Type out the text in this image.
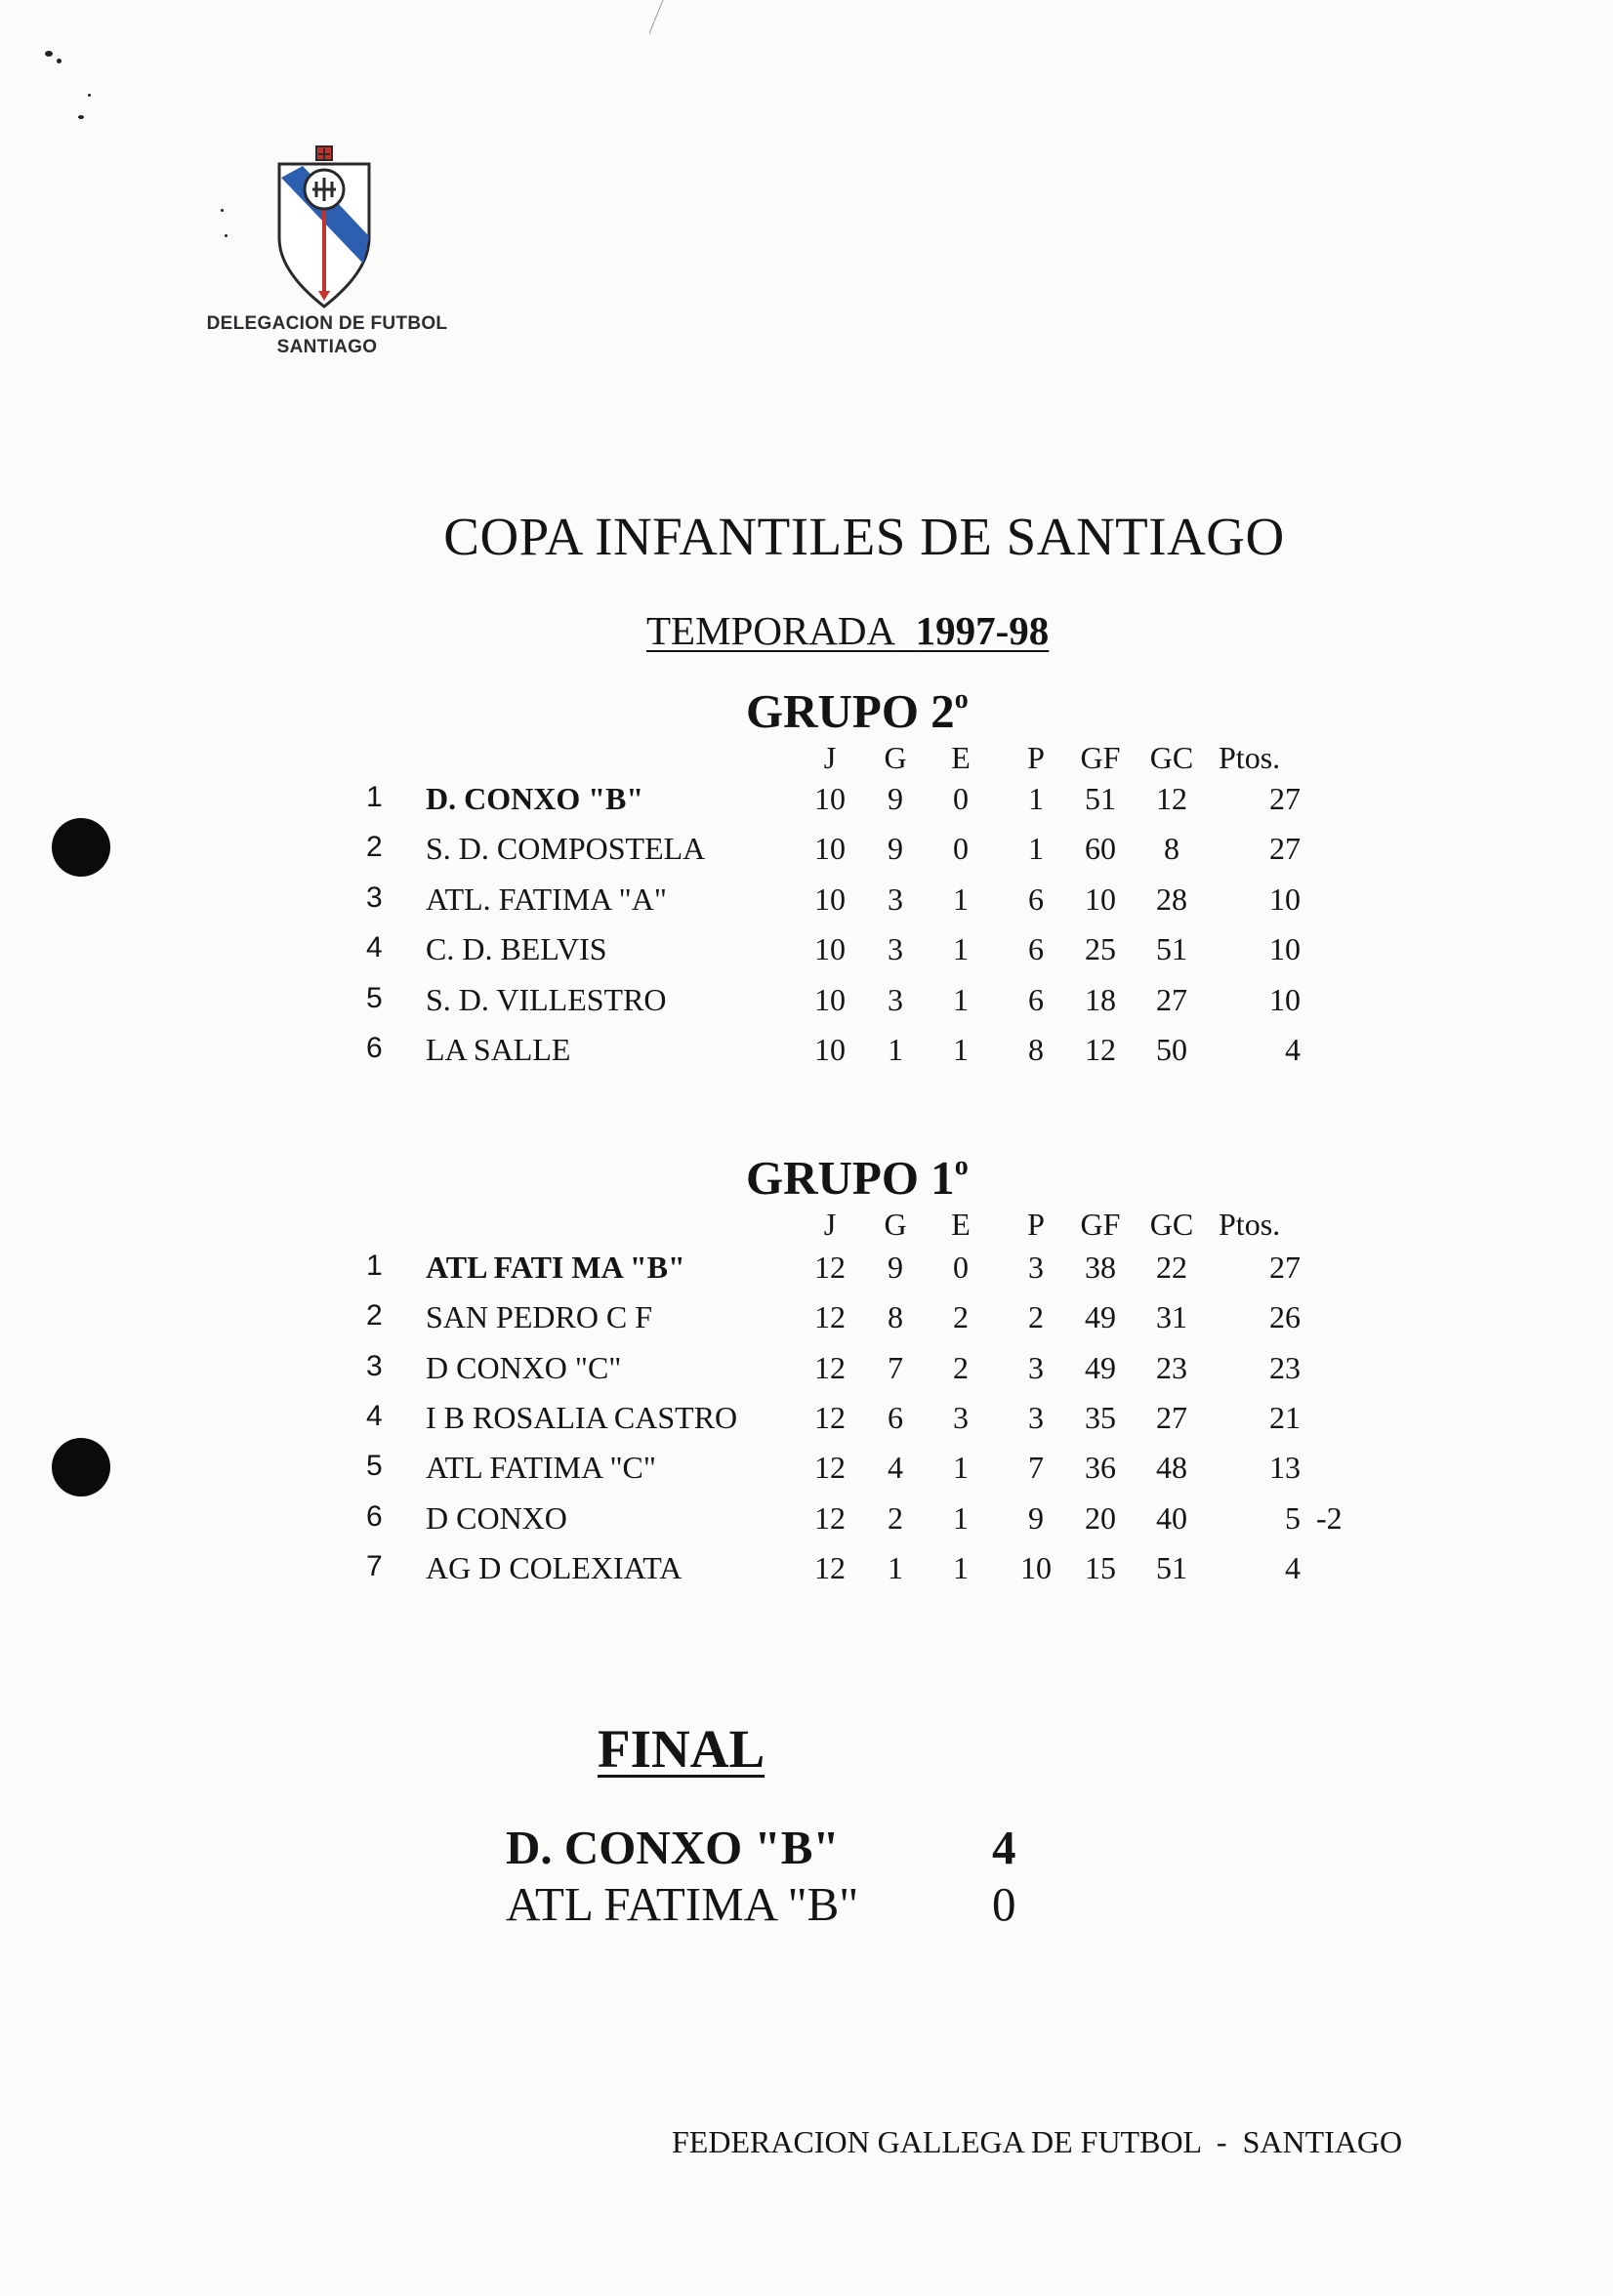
DELEGACION DE FUTBOL
SANTIAGO
COPA INFANTILES DE SANTIAGO
TEMPORADA 1997-98
GRUPO 2$^o$
J	G	E	P	GF GC Ptos.
1	D. CONXO "B"	10	9	0	1	51	12	27
2	S. D. COMPOSTELA	10	9	0	1	60	8	27
3	ATL. FATIMA "A"	10	3	1	6	10	28	10
4	C. D. BELVIS	10	3	1	6	25	51	10
5	S. D. VILLESTRO	10	3	1	6	18	27	10
6	LA SALLE	10	1	1	8	12	50	4
GRUPO 1$^o$
J	G	E	P	GF GC Ptos.
1	ATL FATI MA "B"	12	9	0	3	38	22	27
2	SAN PEDRO C F	12	8	2	2	49	31	26
3	D CONXO "C"	12	7	2	3	49	23	23
4	I B ROSALIA CASTRO	12	6	3	3	35	27	21
5	ATL FATIMA "C"	12	4	1	7	36	48	13
6	D CONXO	12	2	1	9	20	40	5 -2
7	AG D COLEXIATA	12	1	1	10	15	51	4
FINAL
D. CONXO "B"	4
ATL FATIMA "B"	0
FEDERACION GALLEGA DE FUTBOL  -  SANTIAGO
